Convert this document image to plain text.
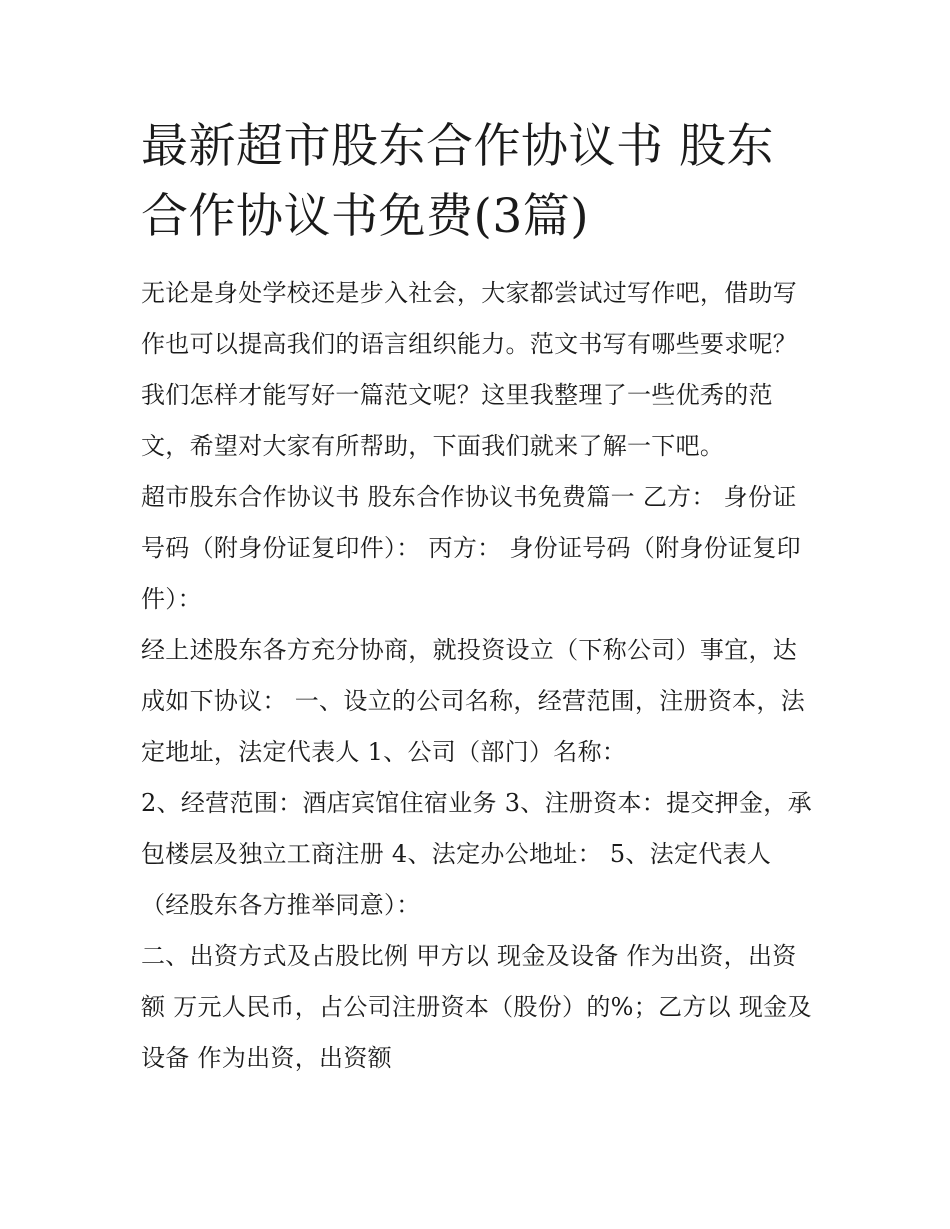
最新超市股东合作协议书 股东合作协议书免费(3篇)

无论是身处学校还是步入社会，大家都尝试过写作吧，借助写作也可以提高我们的语言组织能力。范文书写有哪些要求呢？我们怎样才能写好一篇范文呢？这里我整理了一些优秀的范文，希望对大家有所帮助，下面我们就来了解一下吧。

超市股东合作协议书 股东合作协议书免费篇一 乙方： 身份证号码（附身份证复印件）： 丙方： 身份证号码（附身份证复印件）：

经上述股东各方充分协商，就投资设立（下称公司）事宜，达成如下协议： 一、设立的公司名称，经营范围，注册资本，法定地址，法定代表人 1、公司（部门）名称：

2、经营范围：酒店宾馆住宿业务 3、注册资本：提交押金，承包楼层及独立工商注册 4、法定办公地址： 5、法定代表人（经股东各方推举同意）：

二、出资方式及占股比例 甲方以 现金及设备 作为出资，出资额 万元人民币，占公司注册资本（股份）的%；乙方以 现金及设备 作为出资，出资额
